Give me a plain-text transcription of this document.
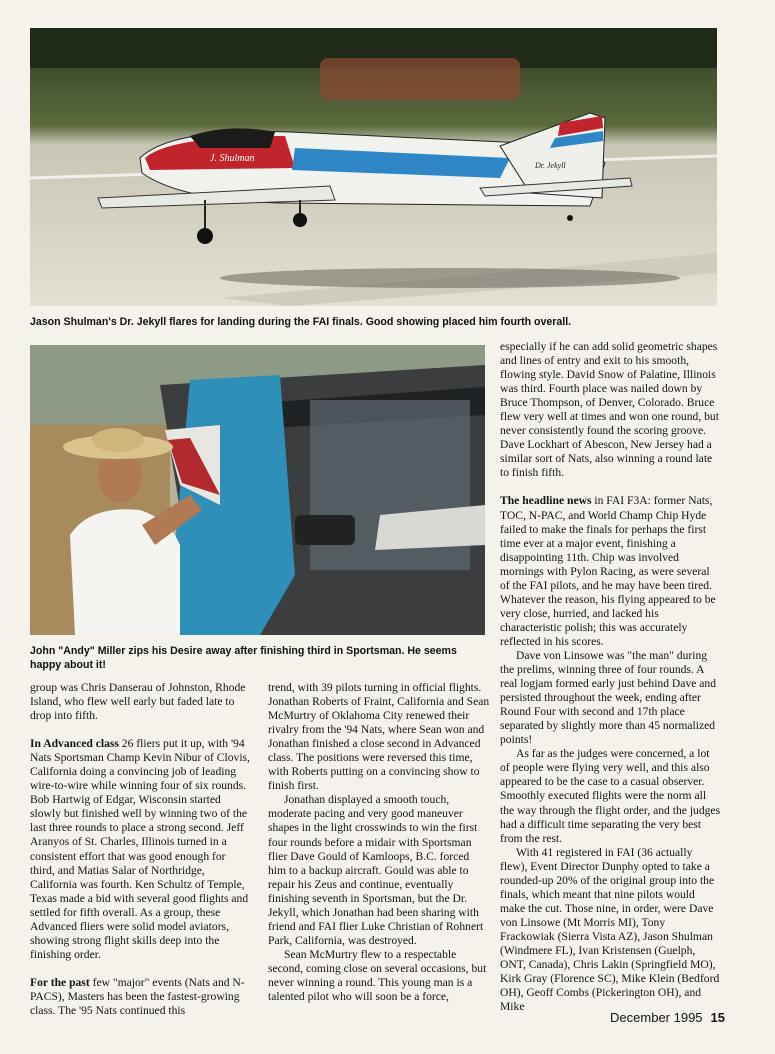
J. Shulman
Dr. Jekyll

Jason Shulman's Dr. Jekyll flares for landing during the FAI finals. Good showing placed him fourth overall.

John "Andy" Miller zips his Desire away after finishing third in Sportsman. He seems happy about it!

group was Chris Danserau of Johnston, Rhode Island, who flew well early but faded late to drop into fifth.

In Advanced class 26 fliers put it up, with '94 Nats Sportsman Champ Kevin Nibur of Clovis, California doing a convincing job of leading wire-to-wire while winning four of six rounds. Bob Hartwig of Edgar, Wisconsin started slowly but finished well by winning two of the last three rounds to place a strong second. Jeff Aranyos of St. Charles, Illinois turned in a consistent effort that was good enough for third, and Matias Salar of Northridge, California was fourth. Ken Schultz of Temple, Texas made a bid with several good flights and settled for fifth overall. As a group, these Advanced fliers were solid model aviators, showing strong flight skills deep into the finishing order.

For the past few "major" events (Nats and N-PACS), Masters has been the fastest-growing class. The '95 Nats continued this

trend, with 39 pilots turning in official flights. Jonathan Roberts of Fraint, California and Sean McMurtry of Oklahoma City renewed their rivalry from the '94 Nats, where Sean won and Jonathan finished a close second in Advanced class. The positions were reversed this time, with Roberts putting on a convincing show to finish first.

Jonathan displayed a smooth touch, moderate pacing and very good maneuver shapes in the light crosswinds to win the first four rounds before a midair with Sportsman flier Dave Gould of Kamloops, B.C. forced him to a backup aircraft. Gould was able to repair his Zeus and continue, eventually finishing seventh in Sportsman, but the Dr. Jekyll, which Jonathan had been sharing with friend and FAI flier Luke Christian of Rohnert Park, California, was destroyed.

Sean McMurtry flew to a respectable second, coming close on several occasions, but never winning a round. This young man is a talented pilot who will soon be a force,

especially if he can add solid geometric shapes and lines of entry and exit to his smooth, flowing style. David Snow of Palatine, Illinois was third. Fourth place was nailed down by Bruce Thompson, of Denver, Colorado. Bruce flew very well at times and won one round, but never consistently found the scoring groove. Dave Lockhart of Abescon, New Jersey had a similar sort of Nats, also winning a round late to finish fifth.

The headline news in FAI F3A: former Nats, TOC, N-PAC, and World Champ Chip Hyde failed to make the finals for perhaps the first time ever at a major event, finishing a disappointing 11th. Chip was involved mornings with Pylon Racing, as were several of the FAI pilots, and he may have been tired. Whatever the reason, his flying appeared to be very close, hurried, and lacked his characteristic polish; this was accurately reflected in his scores.

Dave von Linsowe was "the man" during the prelims, winning three of four rounds. A real logjam formed early just behind Dave and persisted throughout the week, ending after Round Four with second and 17th place separated by slightly more than 45 normalized points!

As far as the judges were concerned, a lot of people were flying very well, and this also appeared to be the case to a casual observer. Smoothly executed flights were the norm all the way through the flight order, and the judges had a difficult time separating the very best from the rest.

With 41 registered in FAI (36 actually flew), Event Director Dunphy opted to take a rounded-up 20% of the original group into the finals, which meant that nine pilots would make the cut. Those nine, in order, were Dave von Linsowe (Mt Morris MI), Tony Frackowiak (Sierra Vista AZ), Jason Shulman (Windmere FL), Ivan Kristensen (Guelph, ONT, Canada), Chris Lakin (Springfield MO), Kirk Gray (Florence SC), Mike Klein (Bedford OH), Geoff Combs (Pickerington OH), and Mike

December 1995 15
